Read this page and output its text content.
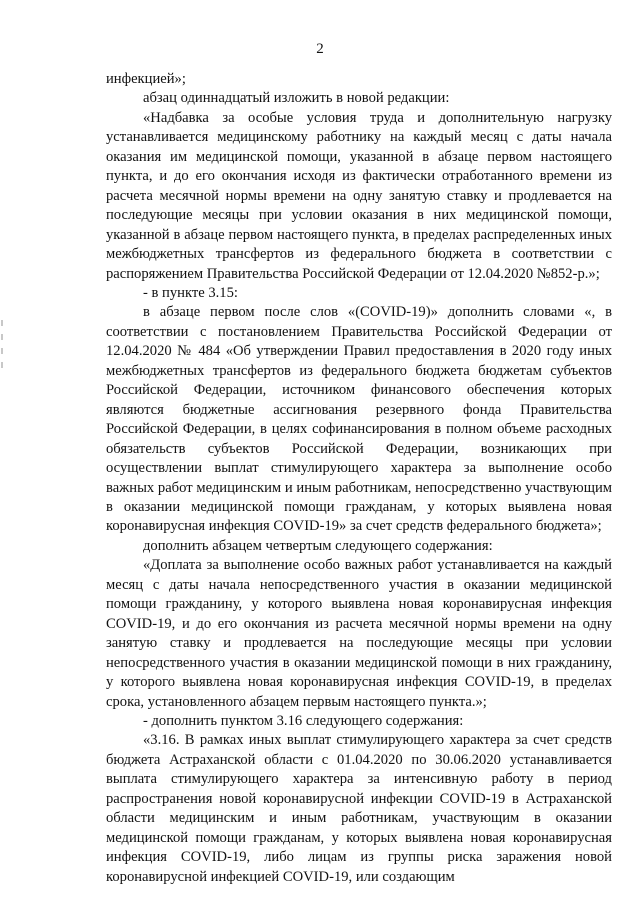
2

инфекцией»;

абзац одиннадцатый изложить в новой редакции:

«Надбавка за особые условия труда и дополнительную нагрузку устанавливается медицинскому работнику на каждый месяц с даты начала оказания им медицинской помощи, указанной в абзаце первом настоящего пункта, и до его окончания исходя из фактически отработанного времени из расчета месячной нормы времени на одну занятую ставку и продлевается на последующие месяцы при условии оказания в них медицинской помощи, указанной в абзаце первом настоящего пункта, в пределах распределенных иных межбюджетных трансфертов из федерального бюджета в соответствии с распоряжением Правительства Российской Федерации от 12.04.2020 №852-р.»;

- в пункте 3.15:

в абзаце первом после слов «(COVID-19)» дополнить словами «, в соответствии с постановлением Правительства Российской Федерации от 12.04.2020 № 484 «Об утверждении Правил предоставления в 2020 году иных межбюджетных трансфертов из федерального бюджета бюджетам субъектов Российской Федерации, источником финансового обеспечения которых являются бюджетные ассигнования резервного фонда Правительства Российской Федерации, в целях софинансирования в полном объеме расходных обязательств субъектов Российской Федерации, возникающих при осуществлении выплат стимулирующего характера за выполнение особо важных работ медицинским и иным работникам, непосредственно участвующим в оказании медицинской помощи гражданам, у которых выявлена новая коронавирусная инфекция COVID-19» за счет средств федерального бюджета»;

дополнить абзацем четвертым следующего содержания:

«Доплата за выполнение особо важных работ устанавливается на каждый месяц с даты начала непосредственного участия в оказании медицинской помощи гражданину, у которого выявлена новая коронавирусная инфекция COVID-19, и до его окончания из расчета месячной нормы времени на одну занятую ставку и продлевается на последующие месяцы при условии непосредственного участия в оказании медицинской помощи в них гражданину, у которого выявлена новая коронавирусная инфекция COVID-19, в пределах срока, установленного абзацем первым настоящего пункта.»;

- дополнить пунктом 3.16 следующего содержания:

«3.16. В рамках иных выплат стимулирующего характера за счет средств бюджета Астраханской области с 01.04.2020 по 30.06.2020 устанавливается выплата стимулирующего характера за интенсивную работу в период распространения новой коронавирусной инфекции COVID-19 в Астраханской области медицинским и иным работникам, участвующим в оказании медицинской помощи гражданам, у которых выявлена новая коронавирусная инфекция COVID-19, либо лицам из группы риска заражения новой коронавирусной инфекцией COVID-19, или создающим
